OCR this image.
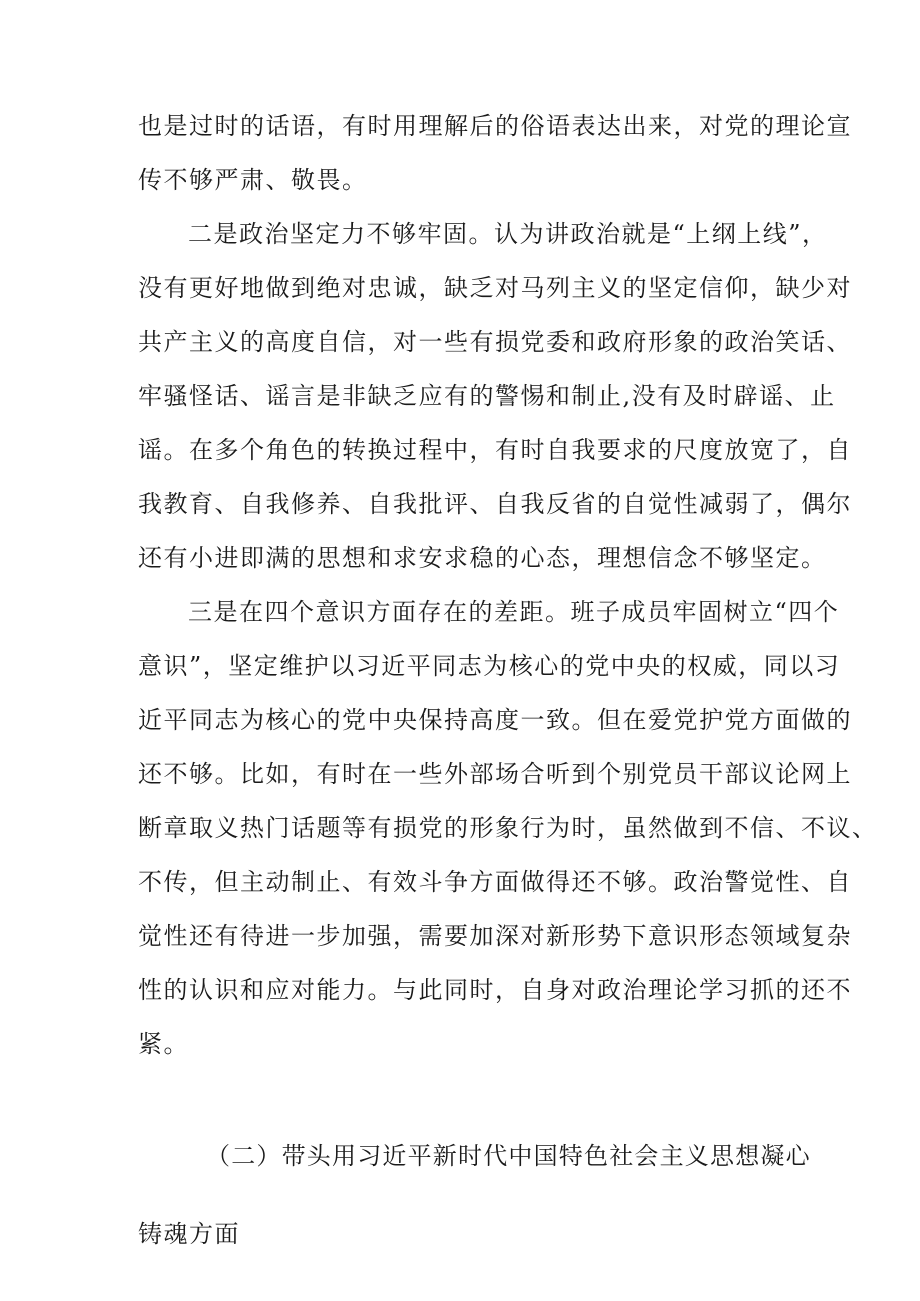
也是过时的话语，有时用理解后的俗语表达出来，对党的理论宣
传不够严肃、敬畏。
二是政治坚定力不够牢固。认为讲政治就是“上纲上线”，
没有更好地做到绝对忠诚，缺乏对马列主义的坚定信仰，缺少对
共产主义的高度自信，对一些有损党委和政府形象的政治笑话、
牢骚怪话、谣言是非缺乏应有的警惕和制止,没有及时辟谣、止
谣。在多个角色的转换过程中，有时自我要求的尺度放宽了，自
我教育、自我修养、自我批评、自我反省的自觉性减弱了，偶尔
还有小进即满的思想和求安求稳的心态，理想信念不够坚定。
三是在四个意识方面存在的差距。班子成员牢固树立“四个
意识”，坚定维护以习近平同志为核心的党中央的权威，同以习
近平同志为核心的党中央保持高度一致。但在爱党护党方面做的
还不够。比如，有时在一些外部场合听到个别党员干部议论网上
断章取义热门话题等有损党的形象行为时，虽然做到不信、不议、
不传，但主动制止、有效斗争方面做得还不够。政治警觉性、自
觉性还有待进一步加强，需要加深对新形势下意识形态领域复杂
性的认识和应对能力。与此同时，自身对政治理论学习抓的还不
紧。
（二）带头用习近平新时代中国特色社会主义思想凝心
铸魂方面
